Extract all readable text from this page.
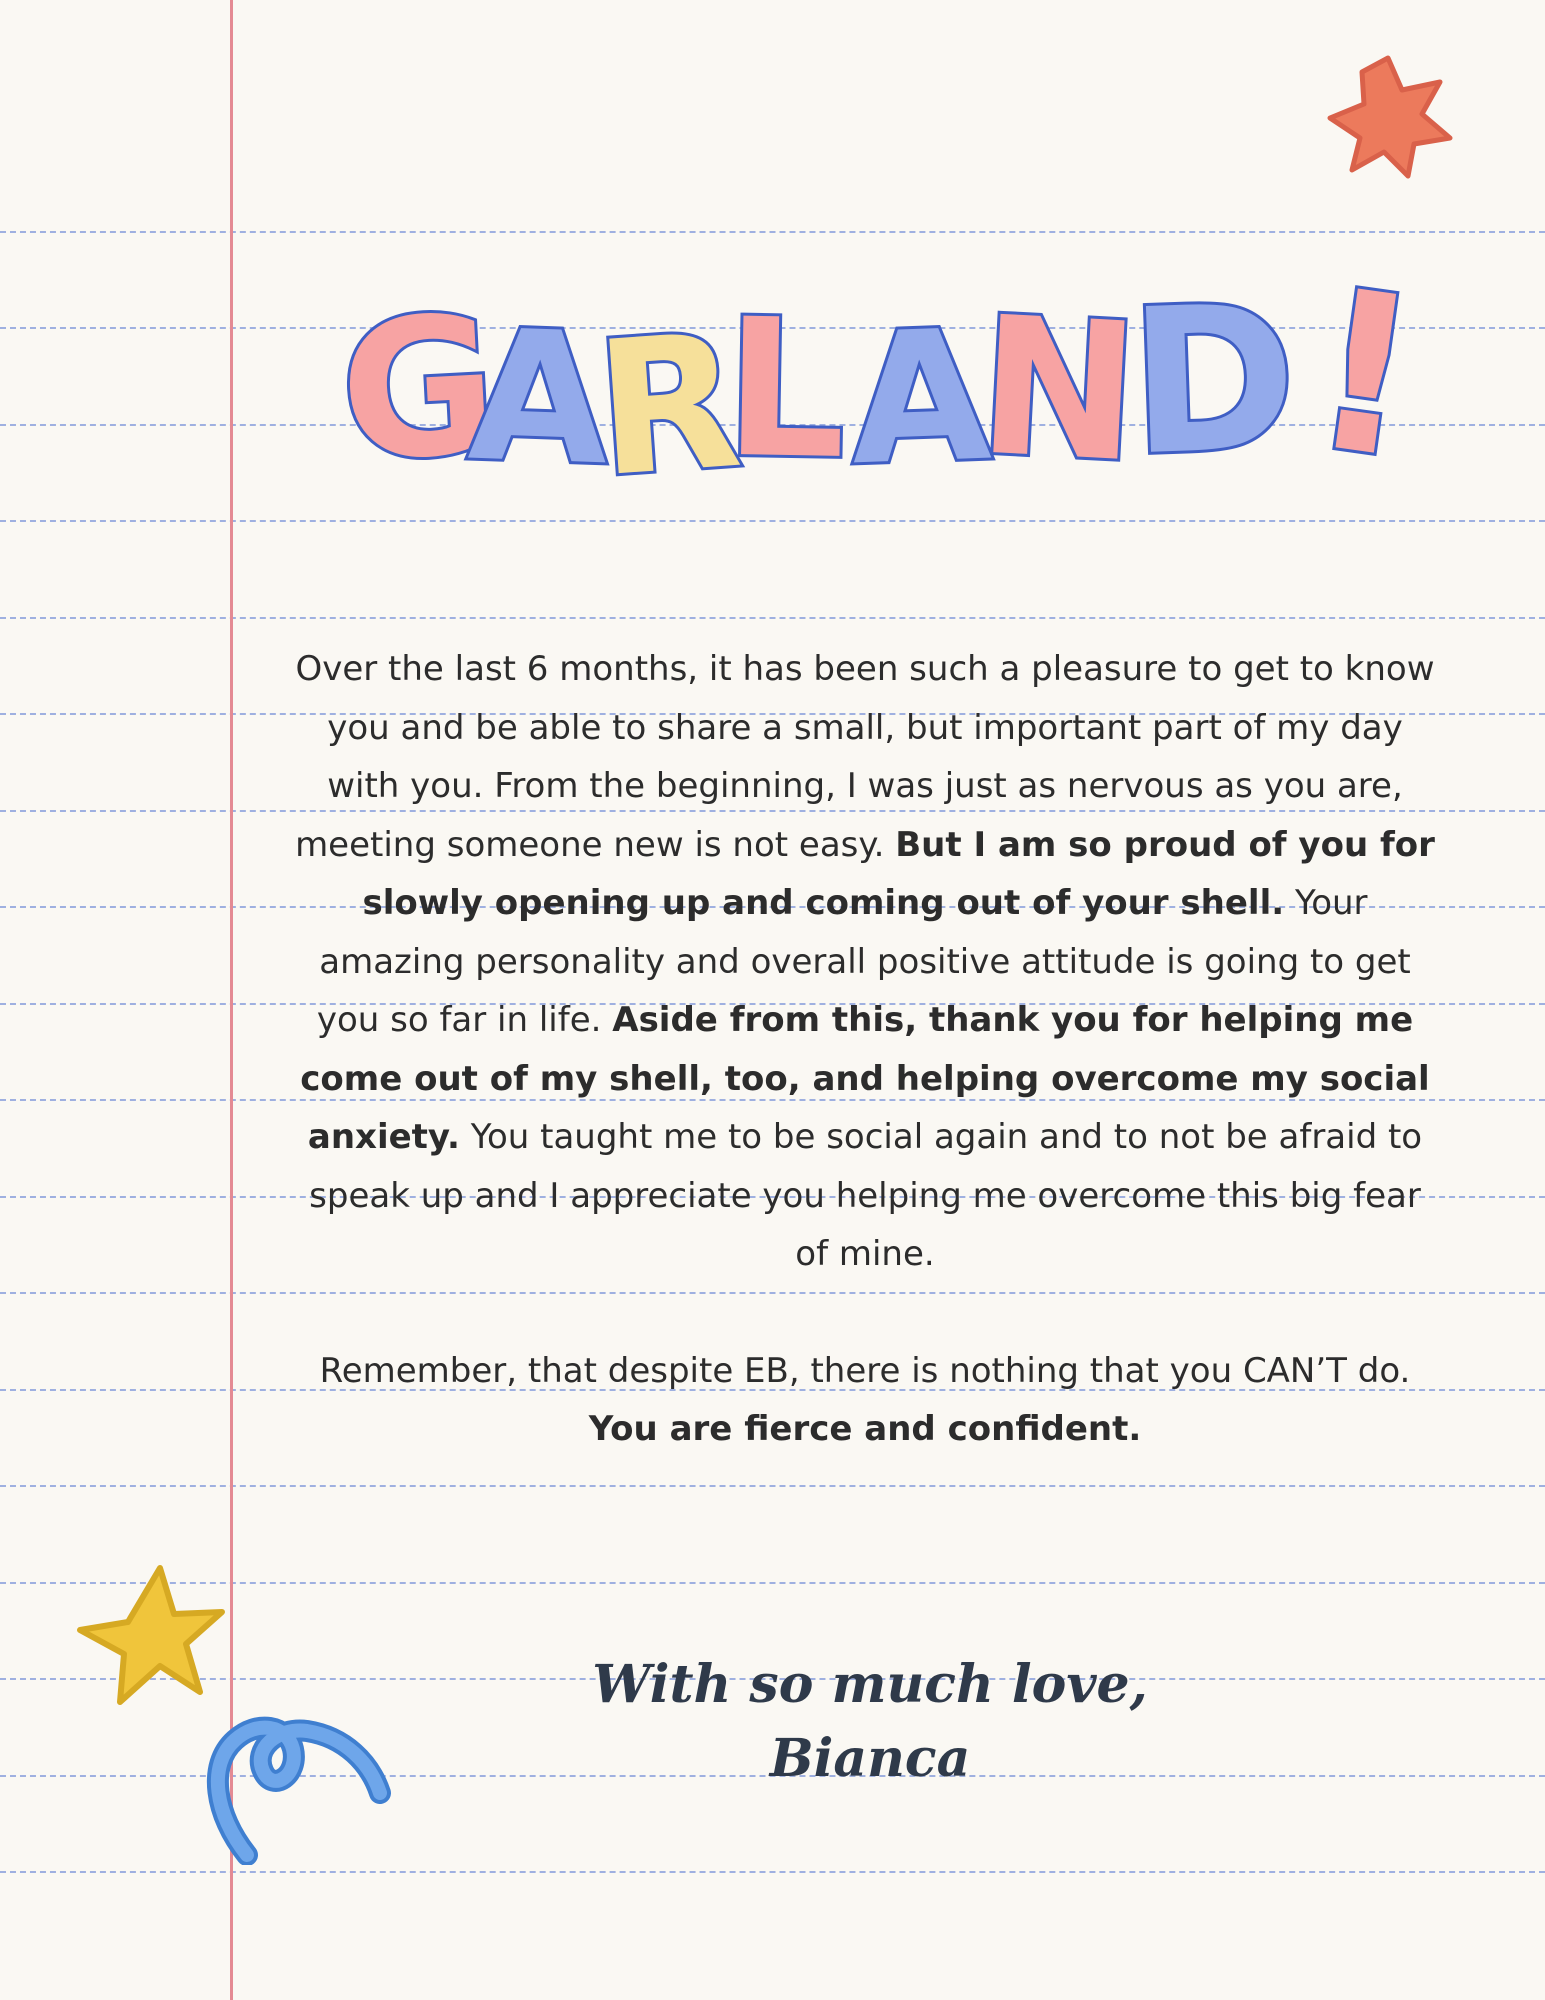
G
A
R
L A
N
D
!

Over the last 6 months, it has been such a pleasure to get to know you and be able to share a small, but important part of my day with you. From the beginning, I was just as nervous as you are, meeting someone new is not easy. But I am so proud of you for slowly opening up and coming out of your shell. Your amazing personality and overall positive attitude is going to get you so far in life. Aside from this, thank you for helping me come out of my shell, too, and helping overcome my social anxiety. You taught me to be social again and to not be afraid to speak up and I appreciate you helping me overcome this big fear of mine.

Remember, that despite EB, there is nothing that you CAN’T do. You are fierce and confident.

With so much love,
Bianca
